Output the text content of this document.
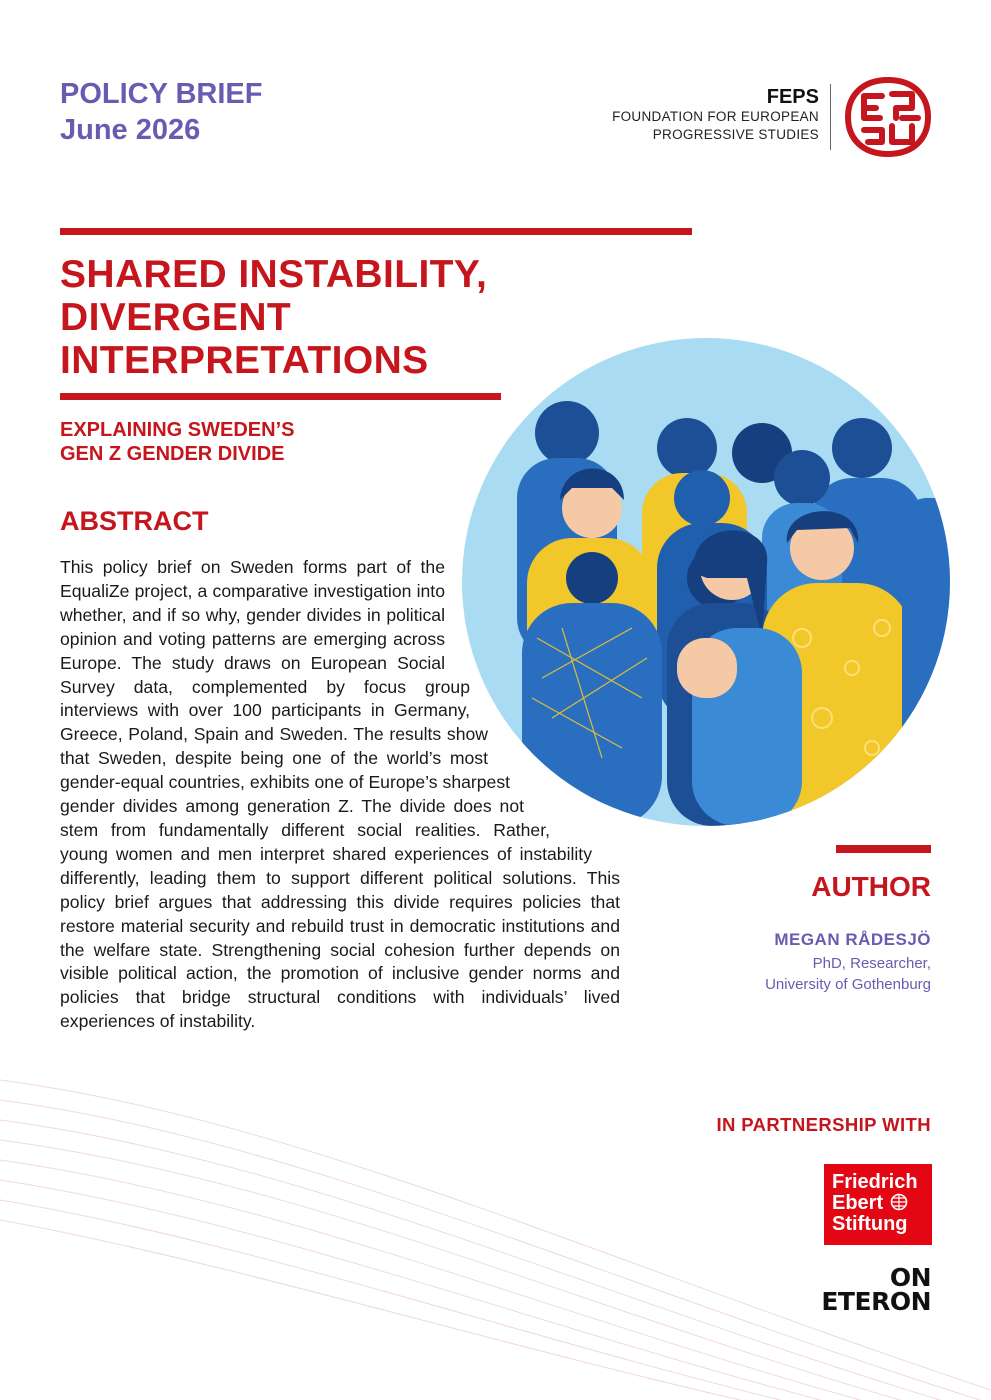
POLICY BRIEF
June 2026
FEPS
FOUNDATION FOR EUROPEAN
PROGRESSIVE STUDIES
SHARED INSTABILITY,
DIVERGENT
INTERPRETATIONS
EXPLAINING SWEDEN’S
GEN Z GENDER DIVIDE
ABSTRACT
This policy brief on Sweden forms part of the EqualiZe project, a comparative investigation into whether, and if so why, gender divides in political opinion and voting patterns are emerging across Europe. The study draws on European Social Survey data, complemented by focus group interviews with over 100 participants in Germany, Greece, Poland, Spain and Sweden. The results show that Sweden, despite being one of the world’s most gender-equal countries, exhibits one of Europe’s sharpest gender divides among generation Z. The divide does not stem from fundamentally different social realities. Rather, young women and men interpret shared experiences of instability differently, leading them to support different political solutions. This policy brief argues that addressing this divide requires policies that restore material security and rebuild trust in democratic institutions and the welfare state. Strengthening social cohesion further depends on visible political action, the promotion of inclusive gender norms and policies that bridge structural conditions with individuals’ lived experiences of instability.
AUTHOR
MEGAN RÅDESJÖ
PhD, Researcher,
University of Gothenburg
IN PARTNERSHIP WITH
Friedrich
Ebert
Stiftung
ON
ETERON
